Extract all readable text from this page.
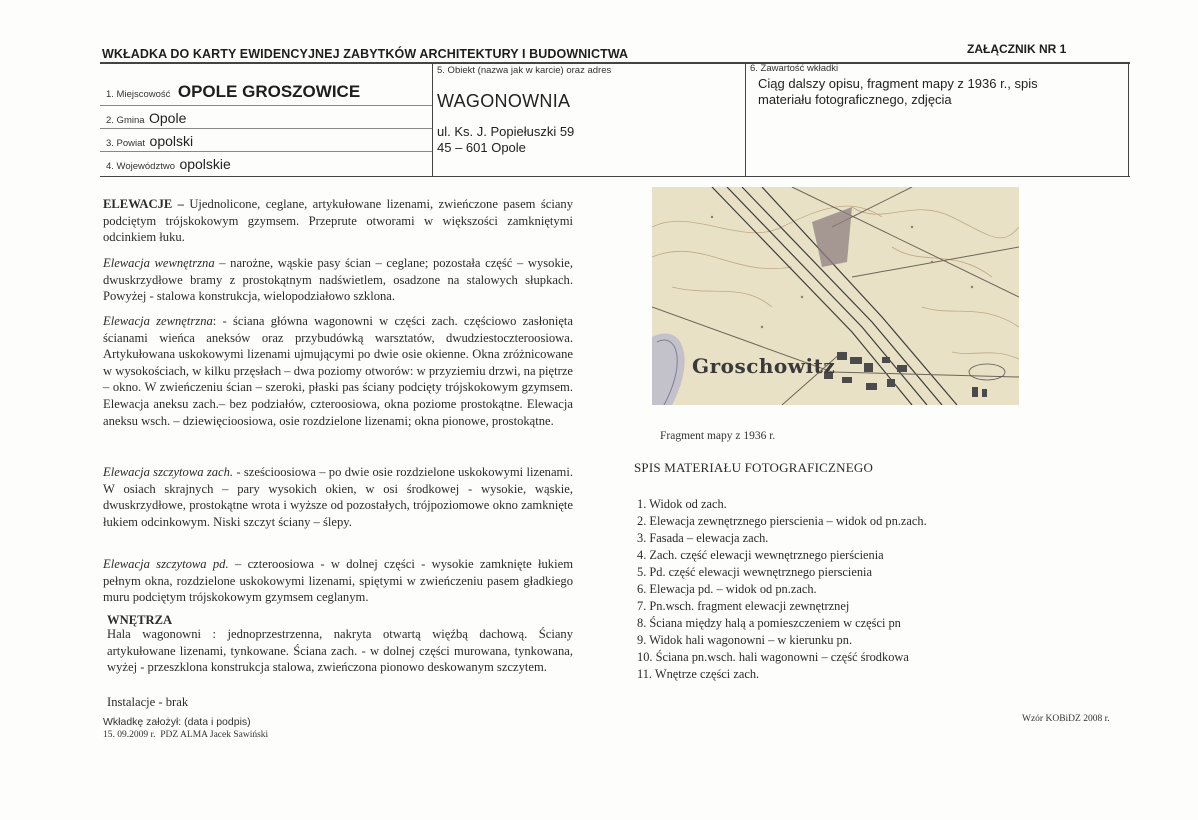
WKŁADKA DO KARTY EWIDENCYJNEJ ZABYTKÓW ARCHITEKTURY I BUDOWNICTWA	ZAŁĄCZNIK NR 1
1. Miejscowość OPOLE GROSZOWICE
2. Gmina Opole
3. Powiat opolski
4. Województwo opolskie
5. Obiekt (nazwa jak w karcie) oraz adres
WAGONOWNIA
ul. Ks. J. Popiełuszki 59
45 – 601 Opole
6. Zawartość wkładki
Ciąg dalszy opisu, fragment mapy z 1936 r., spis materiału fotograficznego, zdjęcia
ELEWACJE – Ujednolicone, ceglane, artykułowane lizenami, zwieńczone pasem ściany podciętym trójskokowym gzymsem. Przeprute otworami w większości zamkniętymi odcinkiem łuku.
Elewacja wewnętrzna – narożne, wąskie pasy ścian – ceglane; pozostała część – wysokie, dwuskrzydłowe bramy z prostokątnym nadświetlem, osadzone na stalowych słupkach. Powyżej - stalowa konstrukcja, wielopodziałowo szklona.
Elewacja zewnętrzna: - ściana główna wagonowni w części zach. częściowo zasłonięta ścianami wieńca aneksów oraz przybudówką warsztatów, dwudziestoczteroosiowa. Artykułowana uskokowymi lizenami ujmującymi po dwie osie okienne. Okna zróżnicowane w wysokościach, w kilku przęsłach – dwa poziomy otworów: w przyziemiu drzwi, na piętrze – okno. W zwieńczeniu ścian – szeroki, płaski pas ściany podcięty trójskokowym gzymsem. Elewacja aneksu zach.– bez podziałów, czteroosiowa, okna poziome prostokątne. Elewacja aneksu wsch. – dziewięcioosiowa, osie rozdzielone lizenami; okna pionowe, prostokątne.
Elewacja szczytowa zach. - sześcioosiowa – po dwie osie rozdzielone uskokowymi lizenami. W osiach skrajnych – pary wysokich okien, w osi środkowej - wysokie, wąskie, dwuskrzydłowe, prostokątne wrota i wyższe od pozostałych, trójpoziomowe okno zamknięte łukiem odcinkowym. Niski szczyt ściany – ślepy.
Elewacja szczytowa pd. – czteroosiowa - w dolnej części - wysokie zamknięte łukiem pełnym okna, rozdzielone uskokowymi lizenami, spiętymi w zwieńczeniu pasem gładkiego muru podciętym trójskokowym gzymsem ceglanym.
WNĘTRZA
Hala wagonowni : jednoprzestrzenna, nakryta otwartą więźbą dachową. Ściany artykułowane lizenami, tynkowane. Ściana zach. - w dolnej części murowana, tynkowana, wyżej - przeszklona konstrukcja stalowa, zwieńczona pionowo deskowanym szczytem.
Instalacje - brak
Wkładkę założył: (data i podpis)
15. 09.2009 r.  PDZ ALMA Jacek Sawiński
Groschowitz
Fragment mapy z 1936 r.
SPIS MATERIAŁU FOTOGRAFICZNEGO
1. Widok od zach.
2. Elewacja zewnętrznego pierscienia – widok od pn.zach.
3. Fasada – elewacja zach.
4. Zach. część elewacji wewnętrznego pierścienia
5. Pd. część elewacji wewnętrznego pierscienia
6. Elewacja pd. – widok od pn.zach.
7. Pn.wsch. fragment elewacji zewnętrznej
8. Ściana między halą a pomieszczeniem w części pn
9. Widok hali wagonowni – w kierunku pn.
10. Ściana pn.wsch. hali wagonowni – część środkowa
11. Wnętrze części zach.
Wzór KOBiDZ 2008 r.
